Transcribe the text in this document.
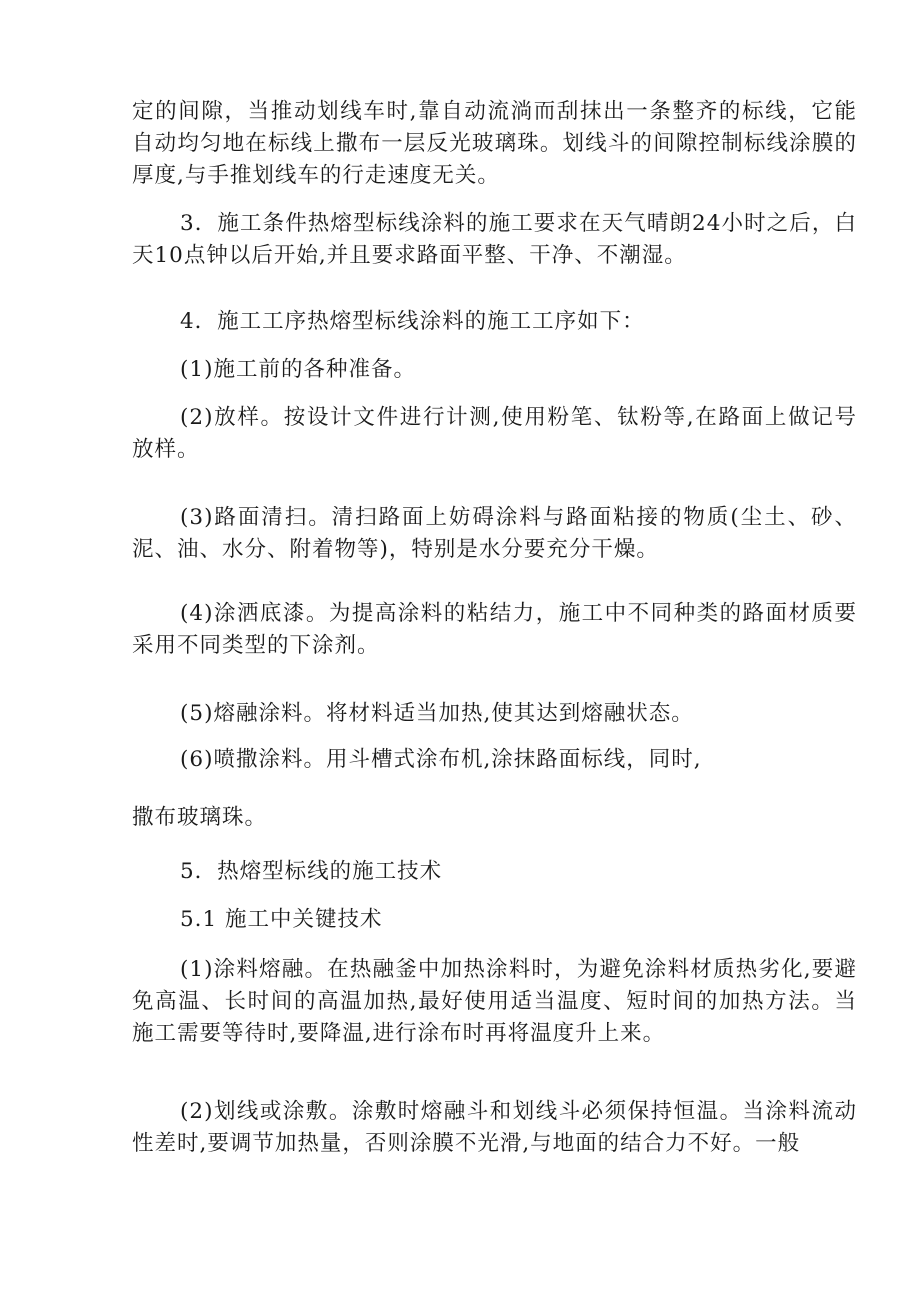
定的间隙，当推动划线车时,靠自动流淌而刮抹出一条整齐的标线，它能自动均匀地在标线上撒布一层反光玻璃珠。划线斗的间隙控制标线涂膜的厚度,与手推划线车的行走速度无关。

3．施工条件热熔型标线涂料的施工要求在天气晴朗24小时之后，白天10点钟以后开始,并且要求路面平整、干净、不潮湿。

4．施工工序热熔型标线涂料的施工工序如下：

(1)施工前的各种准备。

(2)放样。按设计文件进行计测,使用粉笔、钛粉等,在路面上做记号放样。

(3)路面清扫。清扫路面上妨碍涂料与路面粘接的物质(尘土、砂、泥、油、水分、附着物等)，特别是水分要充分干燥。

(4)涂洒底漆。为提高涂料的粘结力，施工中不同种类的路面材质要采用不同类型的下涂剂。

(5)熔融涂料。将材料适当加热,使其达到熔融状态。

(6)喷撒涂料。用斗槽式涂布机,涂抹路面标线，同时,

撒布玻璃珠。

5．热熔型标线的施工技术

5.1 施工中关键技术

(1)涂料熔融。在热融釜中加热涂料时，为避免涂料材质热劣化,要避免高温、长时间的高温加热,最好使用适当温度、短时间的加热方法。当施工需要等待时,要降温,进行涂布时再将温度升上来。

(2)划线或涂敷。涂敷时熔融斗和划线斗必须保持恒温。当涂料流动性差时,要调节加热量，否则涂膜不光滑,与地面的结合力不好。一般
